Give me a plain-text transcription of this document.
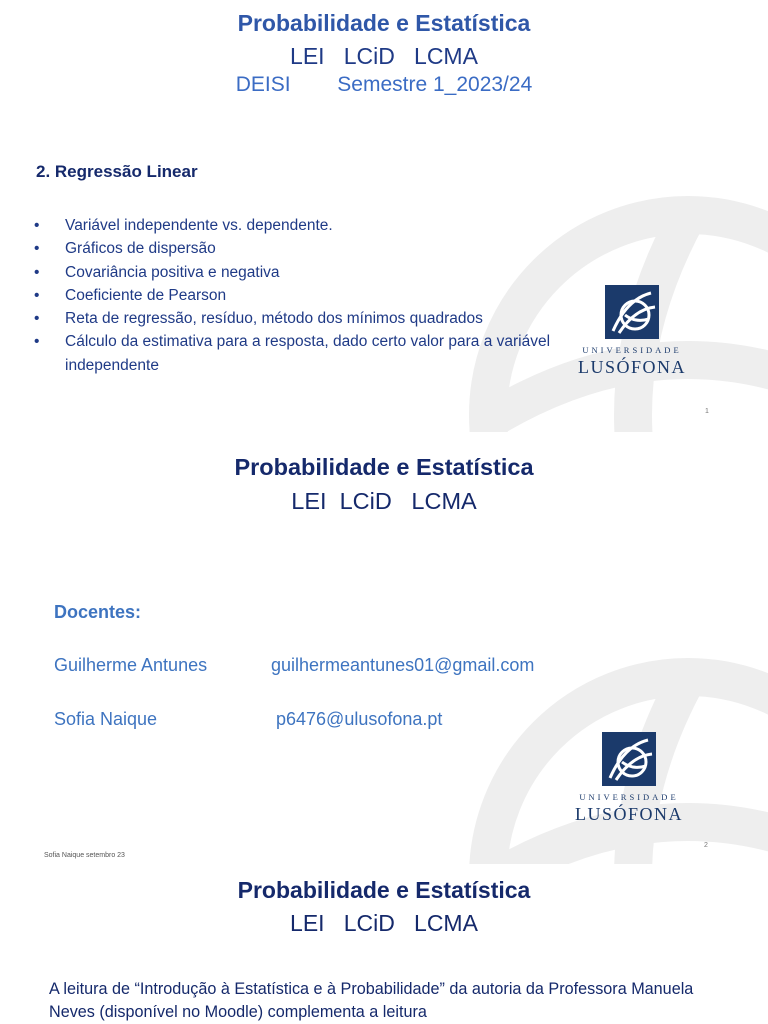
Probabilidade e Estatística
LEI   LCiD   LCMA
DEISI        Semestre 1_2023/24
2. Regressão Linear
• Variável independente vs. dependente.
• Gráficos de dispersão
• Covariância positiva e negativa
• Coeficiente de Pearson
• Reta de regressão, resíduo, método dos mínimos quadrados
• Cálculo da estimativa para a resposta, dado certo valor para a variável independente
UNIVERSIDADE
LUSÓFONA
1
Probabilidade e Estatística
LEI  LCiD   LCMA
Docentes:
Guilherme Antunes	guilhermeantunes01@gmail.com
Sofia Naique	p6476@ulusofona.pt
UNIVERSIDADE
LUSÓFONA
Sofia Naique setembro 23
2
Probabilidade e Estatística
LEI   LCiD   LCMA

A leitura de “Introdução à Estatística e à Probabilidade” da autoria da Professora Manuela Neves (disponível no Moodle) complementa a leitura
